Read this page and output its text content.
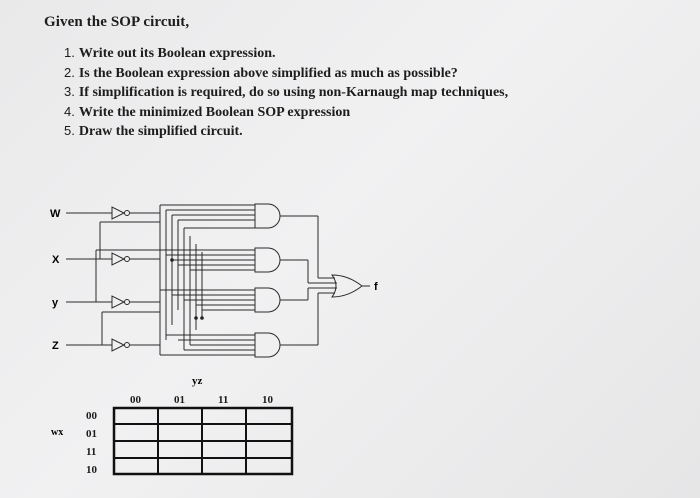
Given the SOP circuit,
1. Write out its Boolean expression.
2. Is the Boolean expression above simplified as much as possible?
3. If simplification is required, do so using non-Karnaugh map techniques,
4. Write the minimized Boolean SOP expression
5. Draw the simplified circuit.
W
X
y
Z
f
yz
wx
00	01	11	10
00
01
11
10
